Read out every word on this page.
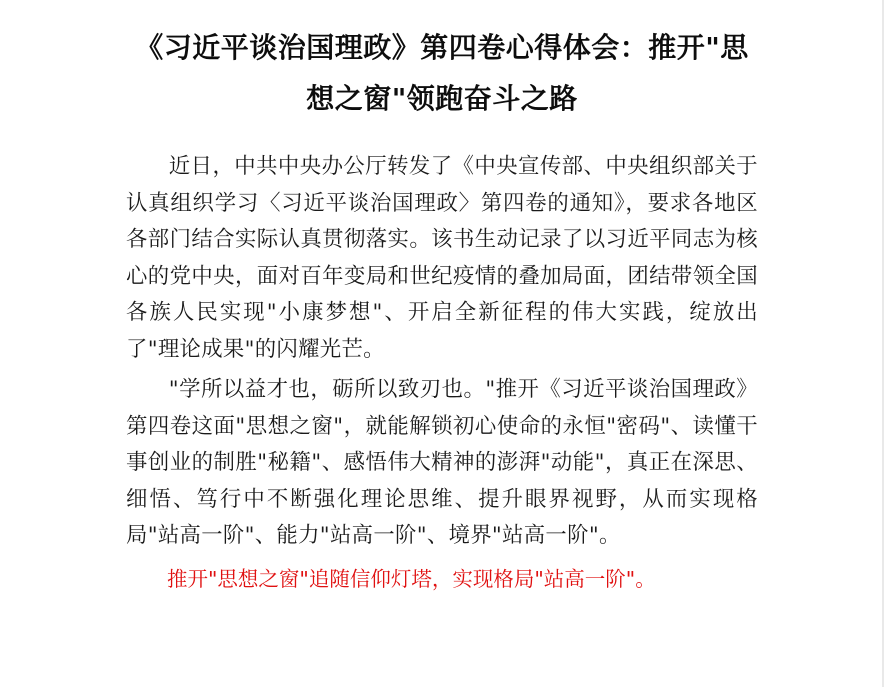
《习近平谈治国理政》第四卷心得体会：推开"思想之窗"领跑奋斗之路

近日，中共中央办公厅转发了《中央宣传部、中央组织部关于认真组织学习〈习近平谈治国理政〉第四卷的通知》，要求各地区各部门结合实际认真贯彻落实。该书生动记录了以习近平同志为核心的党中央，面对百年变局和世纪疫情的叠加局面，团结带领全国各族人民实现"小康梦想"、开启全新征程的伟大实践，绽放出了"理论成果"的闪耀光芒。

"学所以益才也，砺所以致刃也。"推开《习近平谈治国理政》第四卷这面"思想之窗"，就能解锁初心使命的永恒"密码"、读懂干事创业的制胜"秘籍"、感悟伟大精神的澎湃"动能"，真正在深思、细悟、笃行中不断强化理论思维、提升眼界视野，从而实现格局"站高一阶"、能力"站高一阶"、境界"站高一阶"。

推开"思想之窗"追随信仰灯塔，实现格局"站高一阶"。
